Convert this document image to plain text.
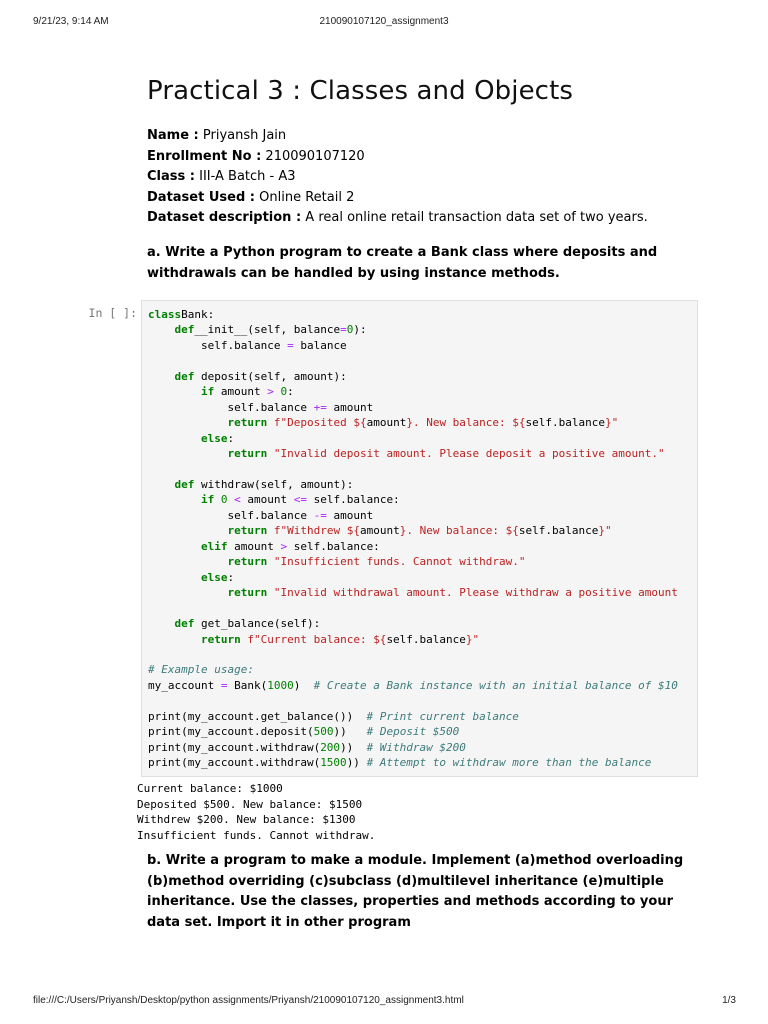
9/21/23, 9:14 AM	210090107120_assignment3
Practical 3 : Classes and Objects
Name : Priyansh Jain
Enrollment No : 210090107120
Class : III-A Batch - A3
Dataset Used : Online Retail 2
Dataset description : A real online retail transaction data set of two years.

a. Write a Python program to create a Bank class where deposits and withdrawals can be handled by using instance methods.

In [ ]:	classBank:
def__init__(self, balance=0):
self.balance = balance

def deposit(self, amount):
if amount > 0:
self.balance += amount
return f"Deposited ${amount}. New balance: ${self.balance}"
else:
return "Invalid deposit amount. Please deposit a positive amount."

def withdraw(self, amount):
if 0 < amount <= self.balance:
self.balance -= amount
return f"Withdrew ${amount}. New balance: ${self.balance}"
elif amount > self.balance:
return "Insufficient funds. Cannot withdraw."
else:
return "Invalid withdrawal amount. Please withdraw a positive amount

def get_balance(self):
return f"Current balance: ${self.balance}"

# Example usage:
my_account = Bank(1000)  # Create a Bank instance with an initial balance of $10

print(my_account.get_balance())  # Print current balance
print(my_account.deposit(500))   # Deposit $500
print(my_account.withdraw(200))  # Withdraw $200
print(my_account.withdraw(1500)) # Attempt to withdraw more than the balance
Current balance: $1000
Deposited $500. New balance: $1500
Withdrew $200. New balance: $1300
Insufficient funds. Cannot withdraw.

b. Write a program to make a module. Implement (a)method overloading (b)method overriding (c)subclass (d)multilevel inheritance (e)multiple inheritance. Use the classes, properties and methods according to your data set. Import it in other program

file:///C:/Users/Priyansh/Desktop/python assignments/Priyansh/210090107120_assignment3.html	1/3
